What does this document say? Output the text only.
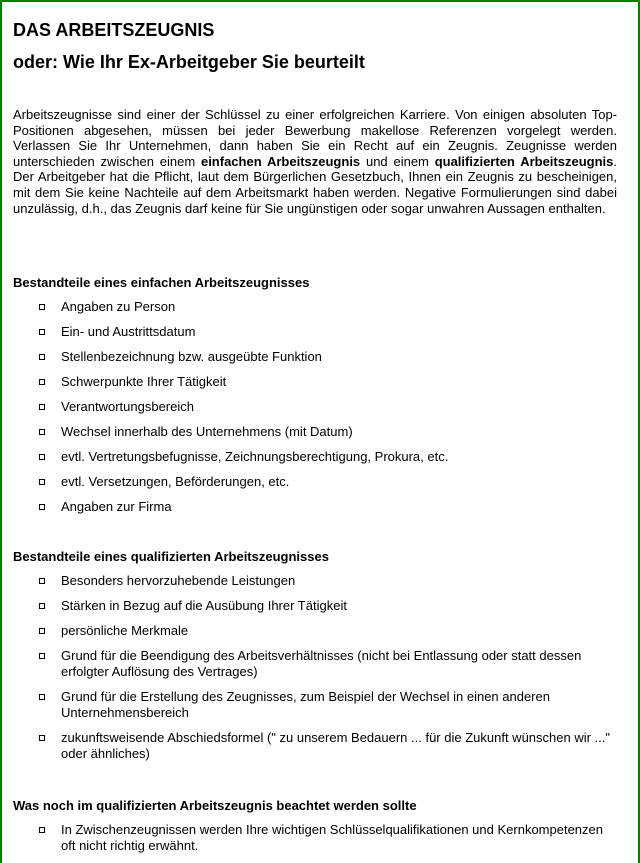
DAS ARBEITSZEUGNIS
oder: Wie Ihr Ex-Arbeitgeber Sie beurteilt

Arbeitszeugnisse sind einer der Schlüssel zu einer erfolgreichen Karriere. Von einigen absoluten Top-Positionen abgesehen, müssen bei jeder Bewerbung makellose Referenzen vorgelegt werden. Verlassen Sie Ihr Unternehmen, dann haben Sie ein Recht auf ein Zeugnis. Zeugnisse werden unterschieden zwischen einem einfachen Arbeitszeugnis und einem qualifizierten Arbeitszeugnis. Der Arbeitgeber hat die Pflicht, laut dem Bürgerlichen Gesetzbuch, Ihnen ein Zeugnis zu bescheinigen, mit dem Sie keine Nachteile auf dem Arbeitsmarkt haben werden. Negative Formulierungen sind dabei unzulässig, d.h., das Zeugnis darf keine für Sie ungünstigen oder sogar unwahren Aussagen enthalten.

Bestandteile eines einfachen Arbeitszeugnisses
Angaben zu Person
Ein- und Austrittsdatum
Stellenbezeichnung bzw. ausgeübte Funktion
Schwerpunkte Ihrer Tätigkeit
Verantwortungsbereich
Wechsel innerhalb des Unternehmens (mit Datum)
evtl. Vertretungsbefugnisse, Zeichnungsberechtigung, Prokura, etc.
evtl. Versetzungen, Beförderungen, etc.
Angaben zur Firma
Bestandteile eines qualifizierten Arbeitszeugnisses
Besonders hervorzuhebende Leistungen
Stärken in Bezug auf die Ausübung Ihrer Tätigkeit
persönliche Merkmale
Grund für die Beendigung des Arbeitsverhältnisses (nicht bei Entlassung oder statt dessen erfolgter Auflösung des Vertrages)
Grund für die Erstellung des Zeugnisses, zum Beispiel der Wechsel in einen anderen Unternehmensbereich
zukunftsweisende Abschiedsformel (" zu unserem Bedauern ... für die Zukunft wünschen wir ..." oder ähnliches)
Was noch im qualifizierten Arbeitszeugnis beachtet werden sollte
In Zwischenzeugnissen werden Ihre wichtigen Schlüsselqualifikationen und Kernkompetenzen oft nicht richtig erwähnt.
